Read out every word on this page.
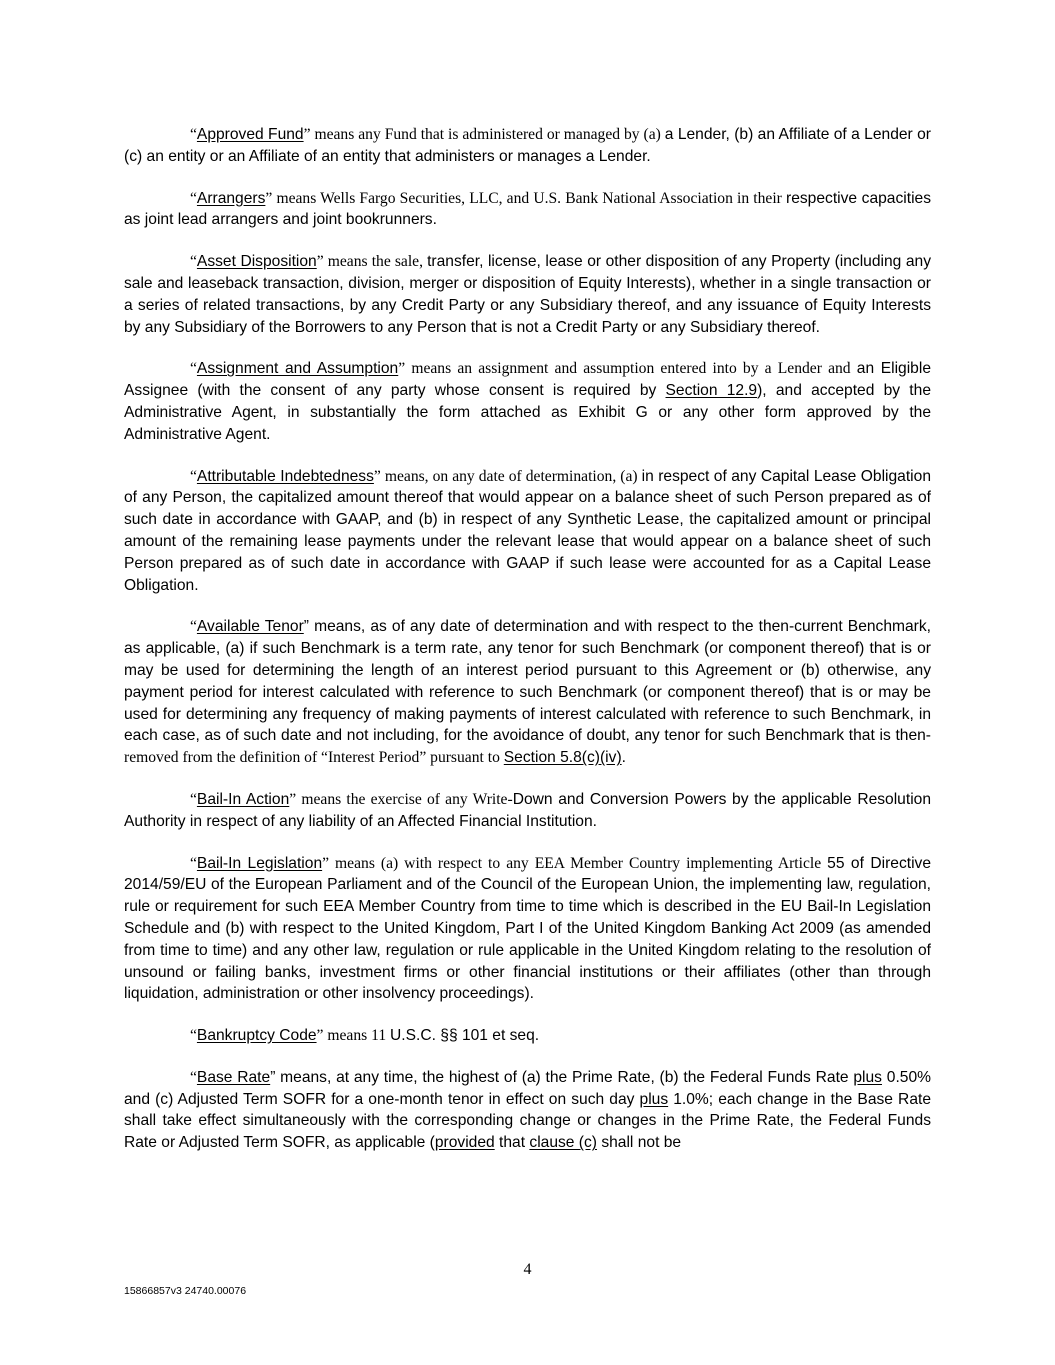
“Approved Fund” means any Fund that is administered or managed by (a) a Lender, (b) an Affiliate of a Lender or (c) an entity or an Affiliate of an entity that administers or manages a Lender.

“Arrangers” means Wells Fargo Securities, LLC, and U.S. Bank National Association in their respective capacities as joint lead arrangers and joint bookrunners.

“Asset Disposition” means the sale, transfer, license, lease or other disposition of any Property (including any sale and leaseback transaction, division, merger or disposition of Equity Interests), whether in a single transaction or a series of related transactions, by any Credit Party or any Subsidiary thereof, and any issuance of Equity Interests by any Subsidiary of the Borrowers to any Person that is not a Credit Party or any Subsidiary thereof.

“Assignment and Assumption” means an assignment and assumption entered into by a Lender and an Eligible Assignee (with the consent of any party whose consent is required by Section 12.9), and accepted by the Administrative Agent, in substantially the form attached as Exhibit G or any other form approved by the Administrative Agent.

“Attributable Indebtedness” means, on any date of determination, (a) in respect of any Capital Lease Obligation of any Person, the capitalized amount thereof that would appear on a balance sheet of such Person prepared as of such date in accordance with GAAP, and (b) in respect of any Synthetic Lease, the capitalized amount or principal amount of the remaining lease payments under the relevant lease that would appear on a balance sheet of such Person prepared as of such date in accordance with GAAP if such lease were accounted for as a Capital Lease Obligation.

“Available Tenor” means, as of any date of determination and with respect to the then-current Benchmark, as applicable, (a) if such Benchmark is a term rate, any tenor for such Benchmark (or component thereof) that is or may be used for determining the length of an interest period pursuant to this Agreement or (b) otherwise, any payment period for interest calculated with reference to such Benchmark (or component thereof) that is or may be used for determining any frequency of making payments of interest calculated with reference to such Benchmark, in each case, as of such date and not including, for the avoidance of doubt, any tenor for such Benchmark that is then-removed from the definition of “Interest Period” pursuant to Section 5.8(c)(iv).

“Bail-In Action” means the exercise of any Write-Down and Conversion Powers by the applicable Resolution Authority in respect of any liability of an Affected Financial Institution.

“Bail-In Legislation” means (a) with respect to any EEA Member Country implementing Article 55 of Directive 2014/59/EU of the European Parliament and of the Council of the European Union, the implementing law, regulation, rule or requirement for such EEA Member Country from time to time which is described in the EU Bail-In Legislation Schedule and (b) with respect to the United Kingdom, Part I of the United Kingdom Banking Act 2009 (as amended from time to time) and any other law, regulation or rule applicable in the United Kingdom relating to the resolution of unsound or failing banks, investment firms or other financial institutions or their affiliates (other than through liquidation, administration or other insolvency proceedings).

“Bankruptcy Code” means 11 U.S.C. §§ 101 et seq.

“Base Rate” means, at any time, the highest of (a) the Prime Rate, (b) the Federal Funds Rate plus 0.50% and (c) Adjusted Term SOFR for a one-month tenor in effect on such day plus 1.0%; each change in the Base Rate shall take effect simultaneously with the corresponding change or changes in the Prime Rate, the Federal Funds Rate or Adjusted Term SOFR, as applicable (provided that clause (c) shall not be

4
15866857v3 24740.00076
